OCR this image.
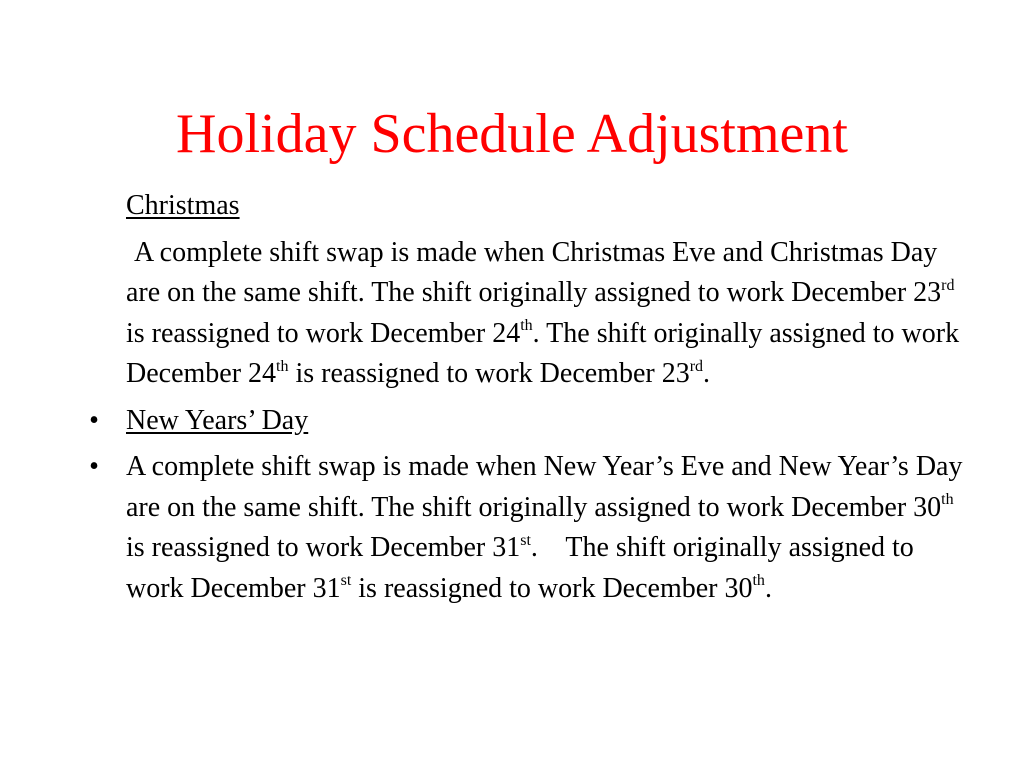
Holiday Schedule Adjustment
Christmas
A complete shift swap is made when Christmas Eve and Christmas Day are on the same shift. The shift originally assigned to work December 23rd is reassigned to work December 24th. The shift originally assigned to work December 24th is reassigned to work December 23rd.
• New Years’ Day
• A complete shift swap is made when New Year’s Eve and New Year’s Day are on the same shift. The shift originally assigned to work December 30th is reassigned to work December 31st.    The shift originally assigned to work December 31st is reassigned to work December 30th.
